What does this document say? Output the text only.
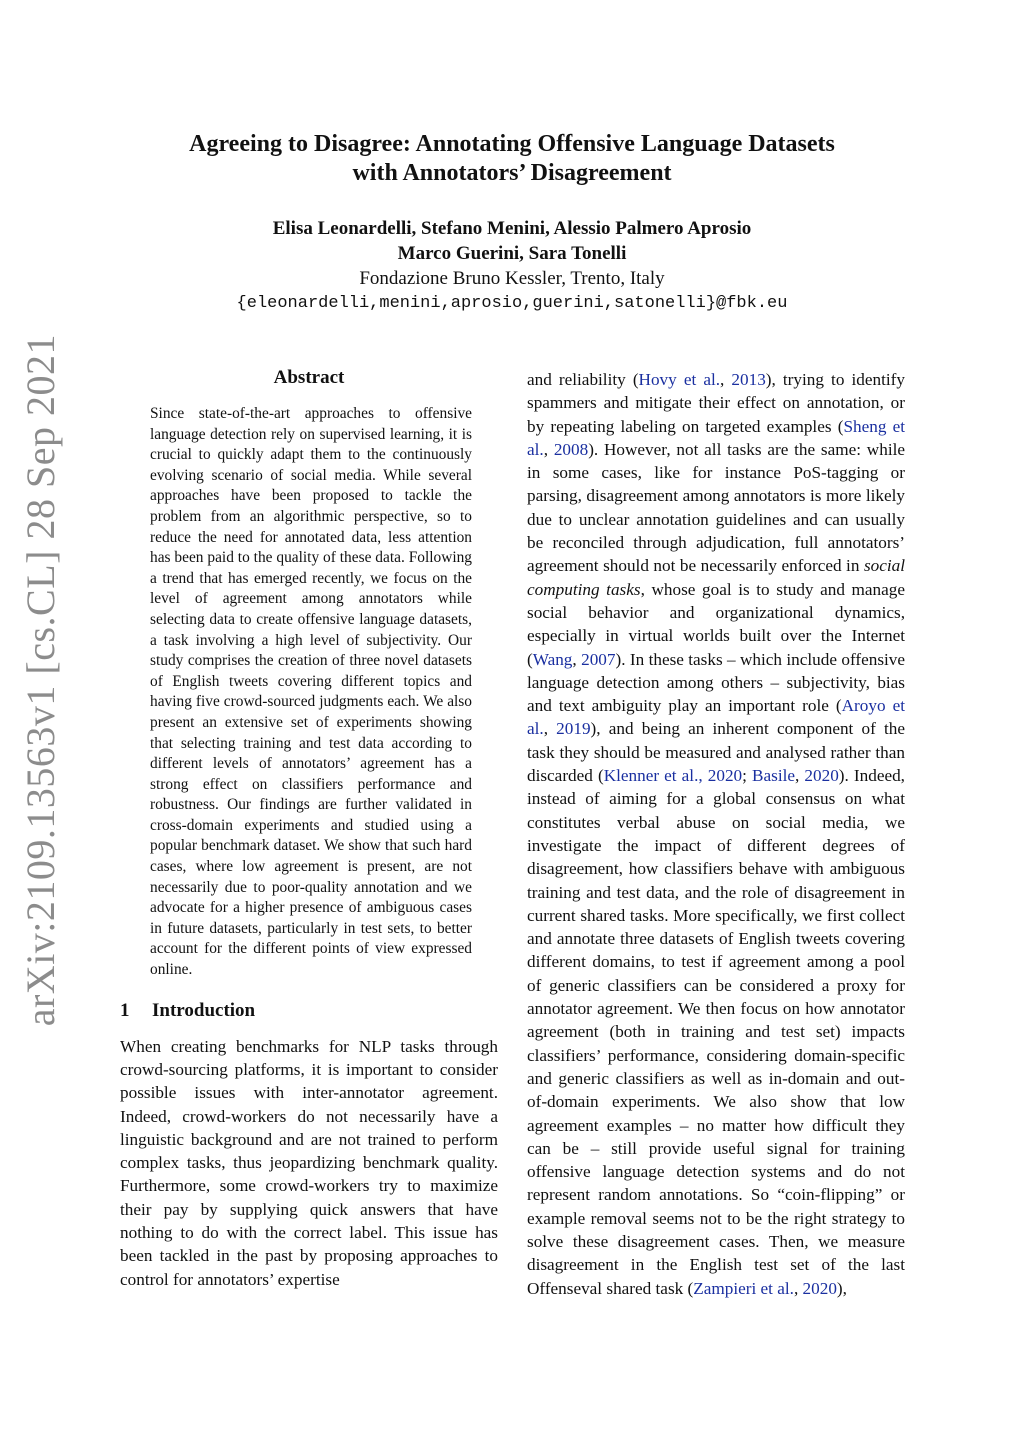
arXiv:2109.13563v1 [cs.CL] 28 Sep 2021
Agreeing to Disagree: Annotating Offensive Language Datasets
with Annotators’ Disagreement
Elisa Leonardelli, Stefano Menini, Alessio Palmero Aprosio
Marco Guerini, Sara Tonelli
Fondazione Bruno Kessler, Trento, Italy
{eleonardelli,menini,aprosio,guerini,satonelli}@fbk.eu
Abstract

Since state-of-the-art approaches to offensive language detection rely on supervised learning, it is crucial to quickly adapt them to the continuously evolving scenario of social media. While several approaches have been proposed to tackle the problem from an algorithmic perspective, so to reduce the need for annotated data, less attention has been paid to the quality of these data. Following a trend that has emerged recently, we focus on the level of agreement among annotators while selecting data to create offensive language datasets, a task involving a high level of subjectivity. Our study comprises the creation of three novel datasets of English tweets covering different topics and having five crowd-sourced judgments each. We also present an extensive set of experiments showing that selecting training and test data according to different levels of annotators’ agreement has a strong effect on classifiers performance and robustness. Our findings are further validated in cross-domain experiments and studied using a popular benchmark dataset. We show that such hard cases, where low agreement is present, are not necessarily due to poor-quality annotation and we advocate for a higher presence of ambiguous cases in future datasets, particularly in test sets, to better account for the different points of view expressed online.

1 Introduction

When creating benchmarks for NLP tasks through crowd-sourcing platforms, it is important to consider possible issues with inter-annotator agreement. Indeed, crowd-workers do not necessarily have a linguistic background and are not trained to perform complex tasks, thus jeopardizing benchmark quality. Furthermore, some crowd-workers try to maximize their pay by supplying quick answers that have nothing to do with the correct label. This issue has been tackled in the past by proposing approaches to control for annotators’ expertise

and reliability (Hovy et al., 2013), trying to identify spammers and mitigate their effect on annotation, or by repeating labeling on targeted examples (Sheng et al., 2008). However, not all tasks are the same: while in some cases, like for instance PoS-tagging or parsing, disagreement among annotators is more likely due to unclear annotation guidelines and can usually be reconciled through adjudication, full annotators’ agreement should not be necessarily enforced in social computing tasks, whose goal is to study and manage social behavior and organizational dynamics, especially in virtual worlds built over the Internet (Wang, 2007). In these tasks – which include offensive language detection among others – subjectivity, bias and text ambiguity play an important role (Aroyo et al., 2019), and being an inherent component of the task they should be measured and analysed rather than discarded (Klenner et al., 2020; Basile, 2020). Indeed, instead of aiming for a global consensus on what constitutes verbal abuse on social media, we investigate the impact of different degrees of disagreement, how classifiers behave with ambiguous training and test data, and the role of disagreement in current shared tasks. More specifically, we first collect and annotate three datasets of English tweets covering different domains, to test if agreement among a pool of generic classifiers can be considered a proxy for annotator agreement. We then focus on how annotator agreement (both in training and test set) impacts classifiers’ performance, considering domain-specific and generic classifiers as well as in-domain and out-of-domain experiments. We also show that low agreement examples – no matter how difficult they can be – still provide useful signal for training offensive language detection systems and do not represent random annotations. So “coin-flipping” or example removal seems not to be the right strategy to solve these disagreement cases. Then, we measure disagreement in the English test set of the last Offenseval shared task (Zampieri et al., 2020),
